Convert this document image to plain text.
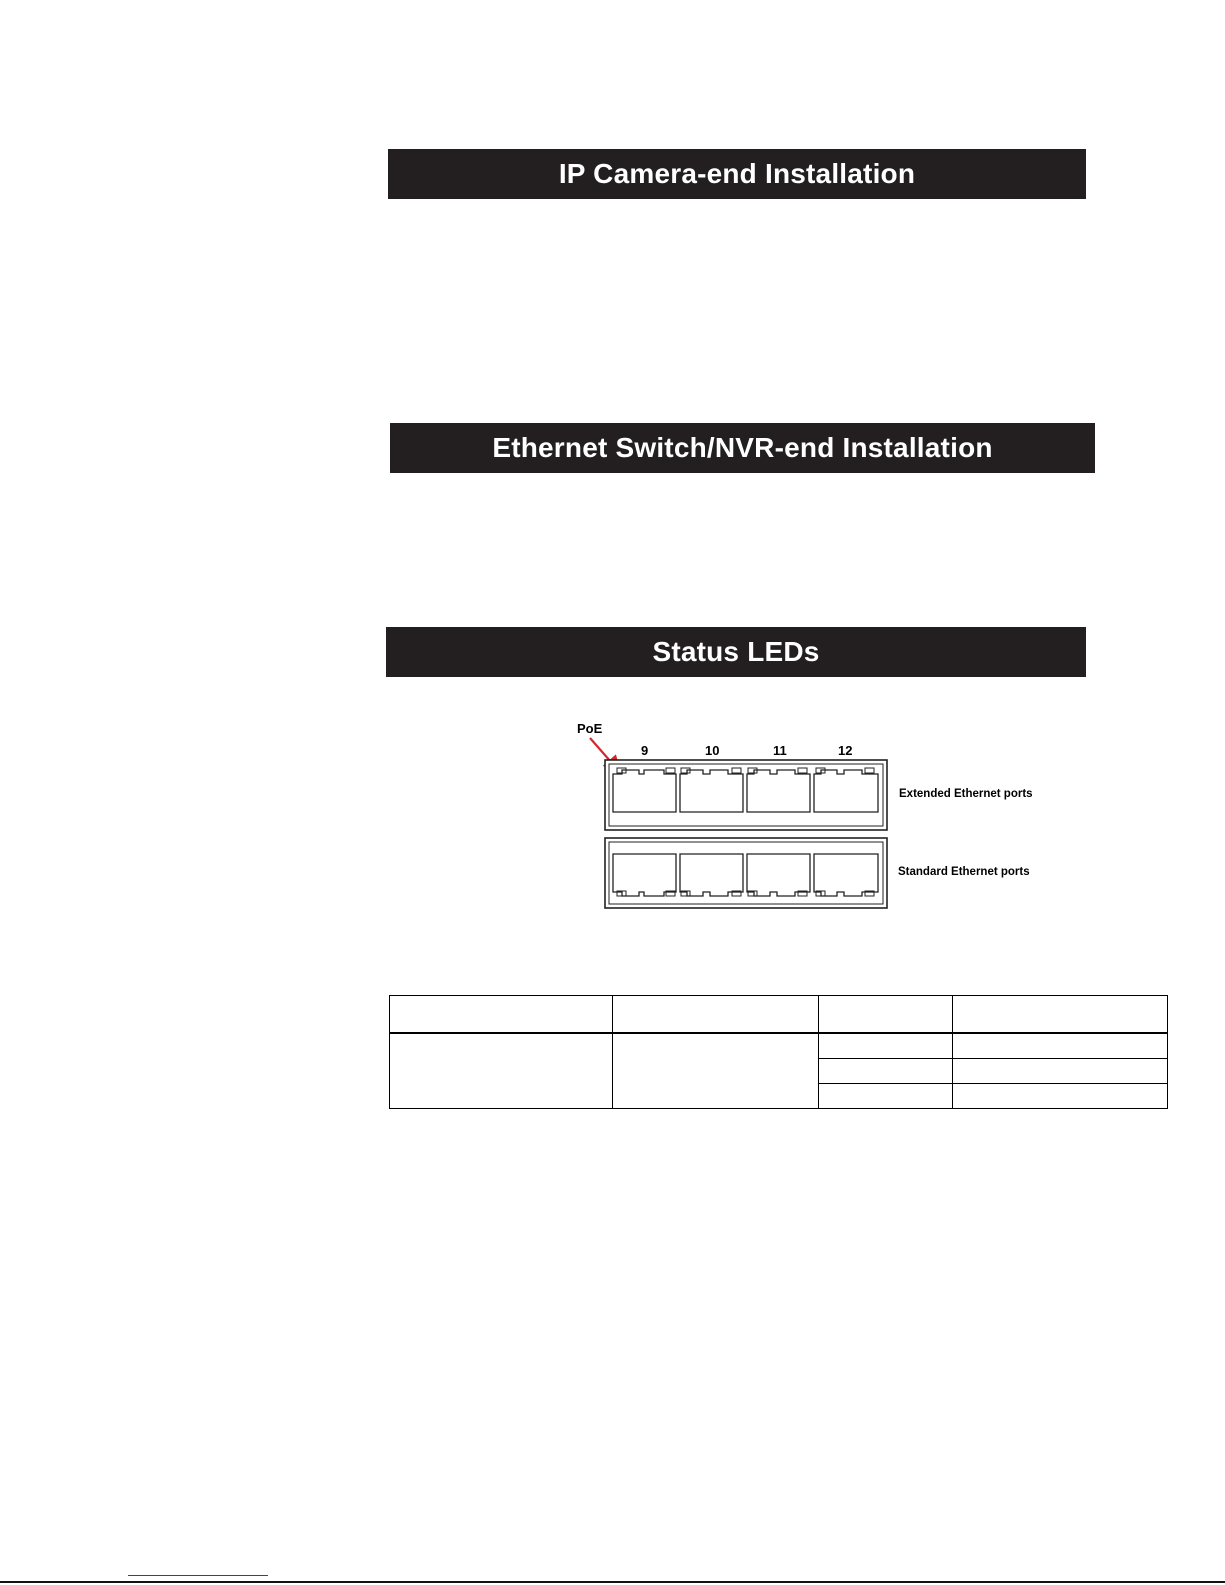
IP Camera-end Installation
Ethernet Switch/NVR-end Installation
Status LEDs
PoE
9	10	11	12
Extended Ethernet ports
Standard Ethernet ports
